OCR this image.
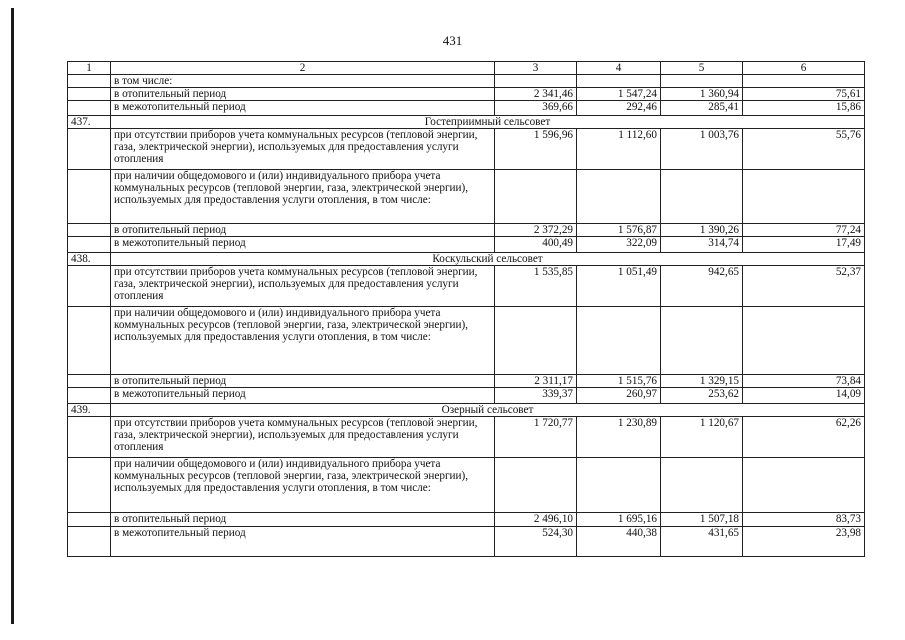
431
1	2	3	4	5	6
	в том числе:				
	в отопительный период	2 341,46	1 547,24	1 360,94	75,61
	в межотопительный период	369,66	292,46	285,41	15,86
437.	Гостеприимный сельсовет				
	при отсутствии приборов учета коммунальных ресурсов (тепловой энергии, газа, электрической энергии), используемых для предоставления услуги отопления	1 596,96	1 112,60	1 003,76	55,76
	при наличии общедомового и (или) индивидуального прибора учета коммунальных ресурсов (тепловой энергии, газа, электрической энергии), используемых для предоставления услуги отопления, в том числе:				
	в отопительный период	2 372,29	1 576,87	1 390,26	77,24
	в межотопительный период	400,49	322,09	314,74	17,49
438.	Коскульский сельсовет				
	при отсутствии приборов учета коммунальных ресурсов (тепловой энергии, газа, электрической энергии), используемых для предоставления услуги отопления	1 535,85	1 051,49	942,65	52,37
	при наличии общедомового и (или) индивидуального прибора учета коммунальных ресурсов (тепловой энергии, газа, электрической энергии), используемых для предоставления услуги отопления, в том числе:				
	в отопительный период	2 311,17	1 515,76	1 329,15	73,84
	в межотопительный период	339,37	260,97	253,62	14,09
439.	Озерный сельсовет				
	при отсутствии приборов учета коммунальных ресурсов (тепловой энергии, газа, электрической энергии), используемых для предоставления услуги отопления	1 720,77	1 230,89	1 120,67	62,26
	при наличии общедомового и (или) индивидуального прибора учета коммунальных ресурсов (тепловой энергии, газа, электрической энергии), используемых для предоставления услуги отопления, в том числе:				
	в отопительный период	2 496,10	1 695,16	1 507,18	83,73
	в межотопительный период	524,30	440,38	431,65	23,98
